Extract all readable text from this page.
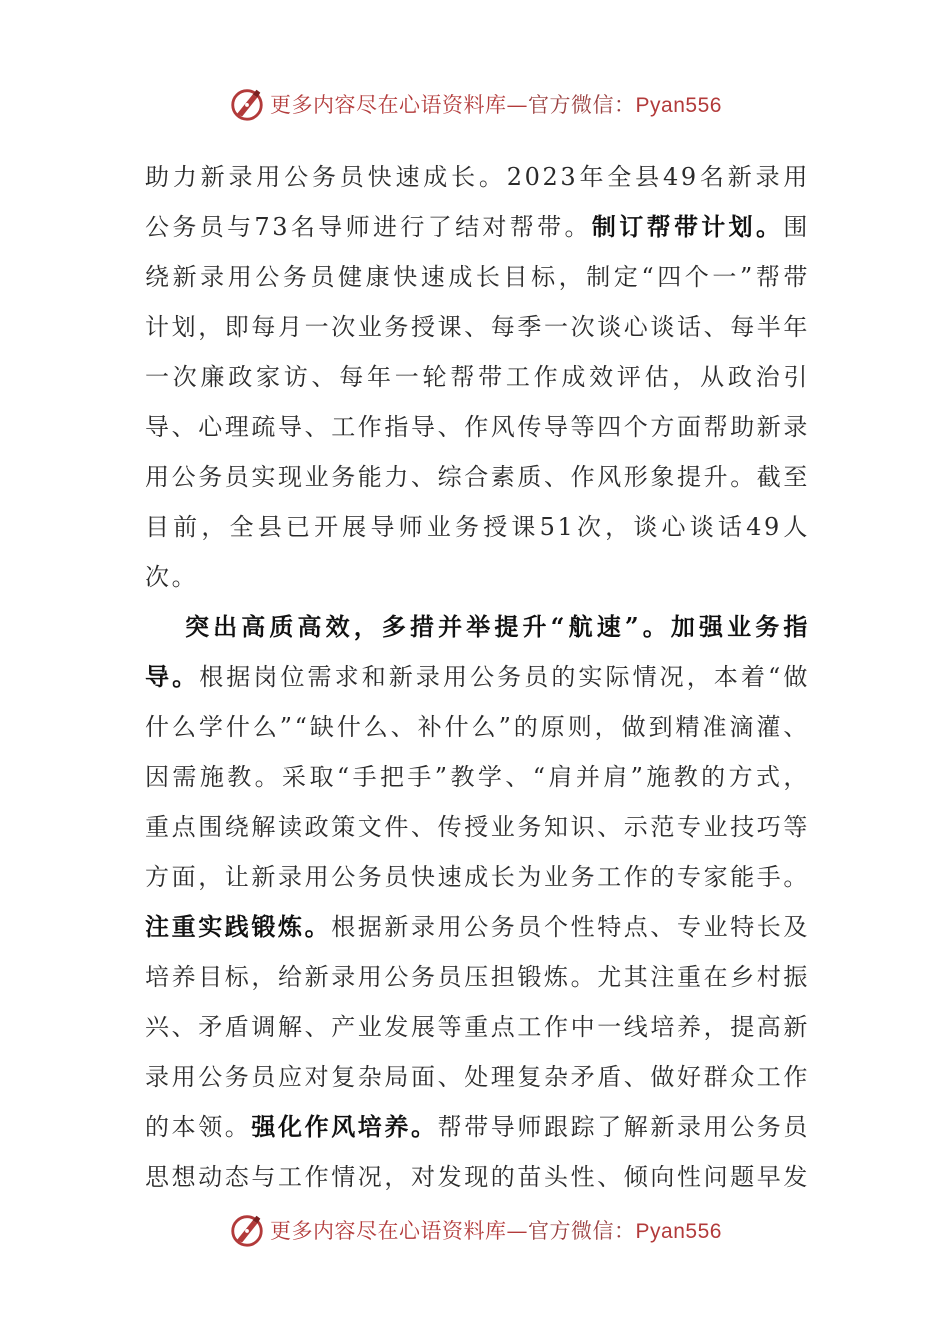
更多内容尽在心语资料库—官方微信：Pyan556

助力新录用公务员快速成长。2023年全县49名新录用公务员与73名导师进行了结对帮带。制订帮带计划。围绕新录用公务员健康快速成长目标，制定“四个一”帮带计划，即每月一次业务授课、每季一次谈心谈话、每半年一次廉政家访、每年一轮帮带工作成效评估，从政治引导、心理疏导、工作指导、作风传导等四个方面帮助新录用公务员实现业务能力、综合素质、作风形象提升。截至目前，全县已开展导师业务授课51次，谈心谈话49人次。

突出高质高效，多措并举提升“航速”。加强业务指导。根据岗位需求和新录用公务员的实际情况，本着“做什么学什么”“缺什么、补什么”的原则，做到精准滴灌、因需施教。采取“手把手”教学、“肩并肩”施教的方式，重点围绕解读政策文件、传授业务知识、示范专业技巧等方面，让新录用公务员快速成长为业务工作的专家能手。注重实践锻炼。根据新录用公务员个性特点、专业特长及培养目标，给新录用公务员压担锻炼。尤其注重在乡村振兴、矛盾调解、产业发展等重点工作中一线培养，提高新录用公务员应对复杂局面、处理复杂矛盾、做好群众工作的本领。强化作风培养。帮带导师跟踪了解新录用公务员思想动态与工作情况，对发现的苗头性、倾向性问题早发

更多内容尽在心语资料库—官方微信：Pyan556
